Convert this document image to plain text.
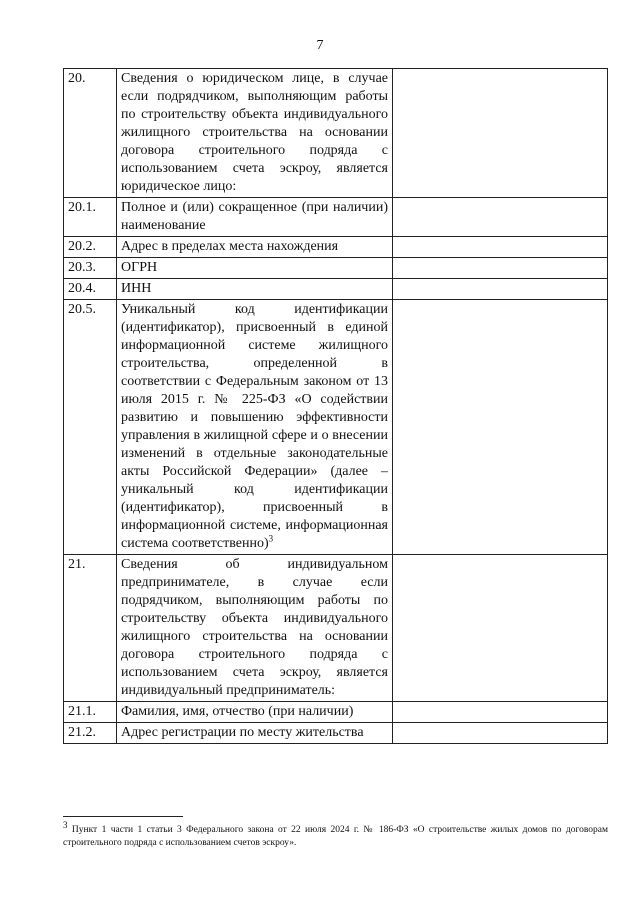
7
20.	Сведения о юридическом лице, в случае если подрядчиком, выполняющим работы по строительству объекта индивидуального жилищного строительства на основании договора строительного подряда с использованием счета эскроу, является юридическое лицо:	
20.1.	Полное и (или) сокращенное (при наличии) наименование	
20.2.	Адрес в пределах места нахождения	
20.3.	ОГРН	
20.4.	ИНН	
20.5.	Уникальный код идентификации (идентификатор), присвоенный в единой информационной системе жилищного строительства, определенной в соответствии с Федеральным законом от 13 июля 2015 г. № 225-ФЗ «О содействии развитию и повышению эффективности управления в жилищной сфере и о внесении изменений в отдельные законодательные акты Российской Федерации» (далее – уникальный код идентификации (идентификатор), присвоенный в информационной системе, информационная система соответственно)$^3$	
21.	Сведения об индивидуальном предпринимателе, в случае если подрядчиком, выполняющим работы по строительству объекта индивидуального жилищного строительства на основании договора строительного подряда с использованием счета эскроу, является индивидуальный предприниматель:	
21.1.	Фамилия, имя, отчество (при наличии)	
21.2.	Адрес регистрации по месту жительства	
$^3$ Пункт 1 части 1 статьи 3 Федерального закона от 22 июля 2024 г. № 186-ФЗ «О строительстве жилых домов по договорам строительного подряда с использованием счетов эскроу».
